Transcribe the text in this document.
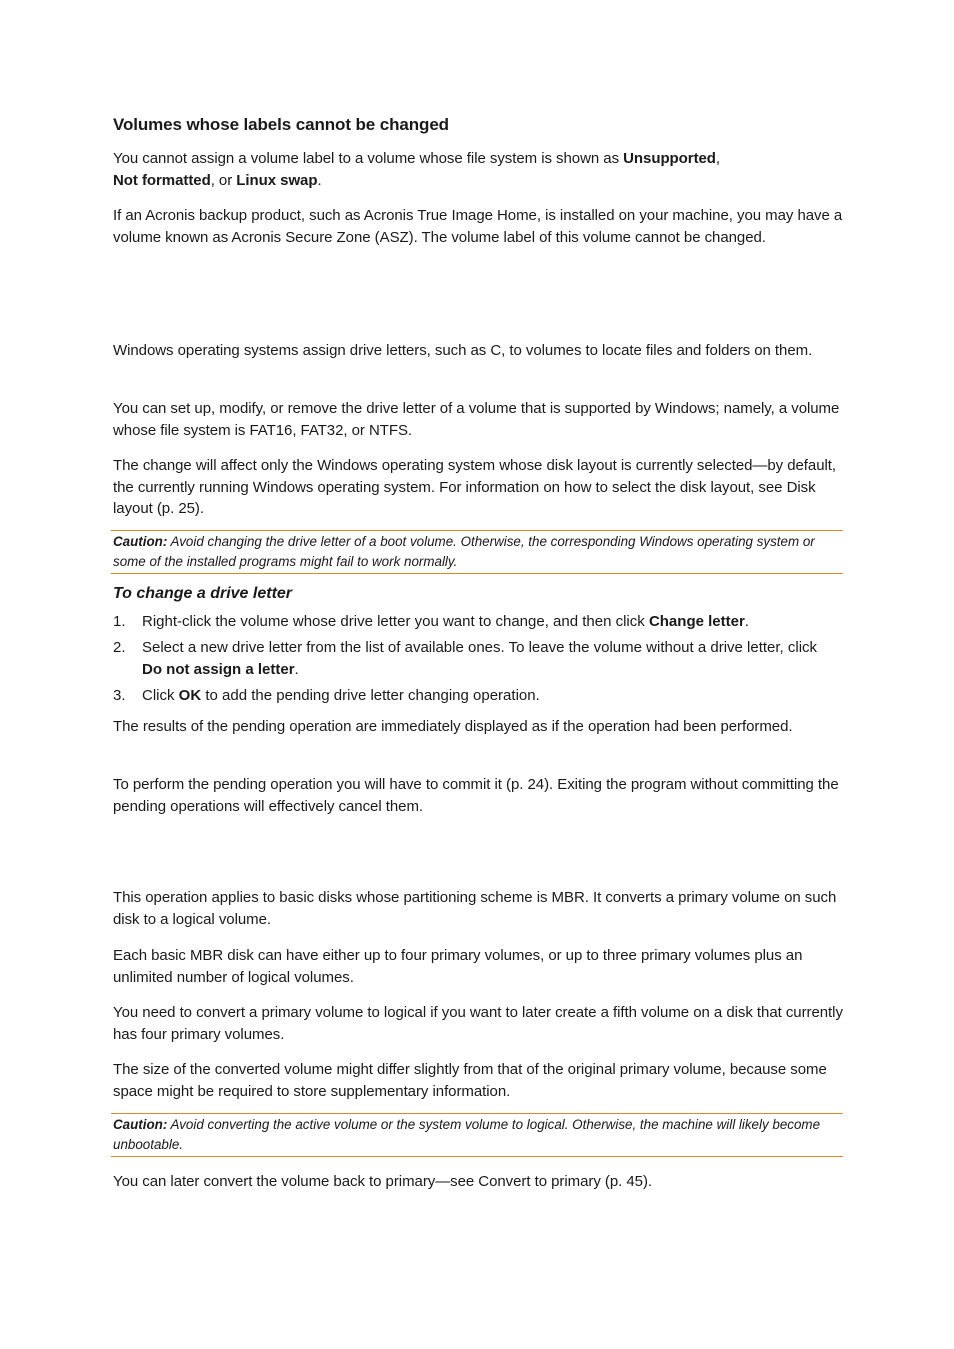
Volumes whose labels cannot be changed
You cannot assign a volume label to a volume whose file system is shown as Unsupported,
Not formatted, or Linux swap.
If an Acronis backup product, such as Acronis True Image Home, is installed on your machine, you may have a volume known as Acronis Secure Zone (ASZ). The volume label of this volume cannot be changed.
Windows operating systems assign drive letters, such as C, to volumes to locate files and folders on them.
You can set up, modify, or remove the drive letter of a volume that is supported by Windows; namely, a volume whose file system is FAT16, FAT32, or NTFS.
The change will affect only the Windows operating system whose disk layout is currently selected—by default, the currently running Windows operating system. For information on how to select the disk layout, see Disk layout (p. 25).
Caution: Avoid changing the drive letter of a boot volume. Otherwise, the corresponding Windows operating system or some of the installed programs might fail to work normally.
To change a drive letter
1. Right-click the volume whose drive letter you want to change, and then click Change letter.
2. Select a new drive letter from the list of available ones. To leave the volume without a drive letter, click Do not assign a letter.
3. Click OK to add the pending drive letter changing operation.
The results of the pending operation are immediately displayed as if the operation had been performed.
To perform the pending operation you will have to commit it (p. 24). Exiting the program without committing the pending operations will effectively cancel them.
This operation applies to basic disks whose partitioning scheme is MBR. It converts a primary volume on such disk to a logical volume.
Each basic MBR disk can have either up to four primary volumes, or up to three primary volumes plus an unlimited number of logical volumes.
You need to convert a primary volume to logical if you want to later create a fifth volume on a disk that currently has four primary volumes.
The size of the converted volume might differ slightly from that of the original primary volume, because some space might be required to store supplementary information.
Caution: Avoid converting the active volume or the system volume to logical. Otherwise, the machine will likely become unbootable.
You can later convert the volume back to primary—see Convert to primary (p. 45).
